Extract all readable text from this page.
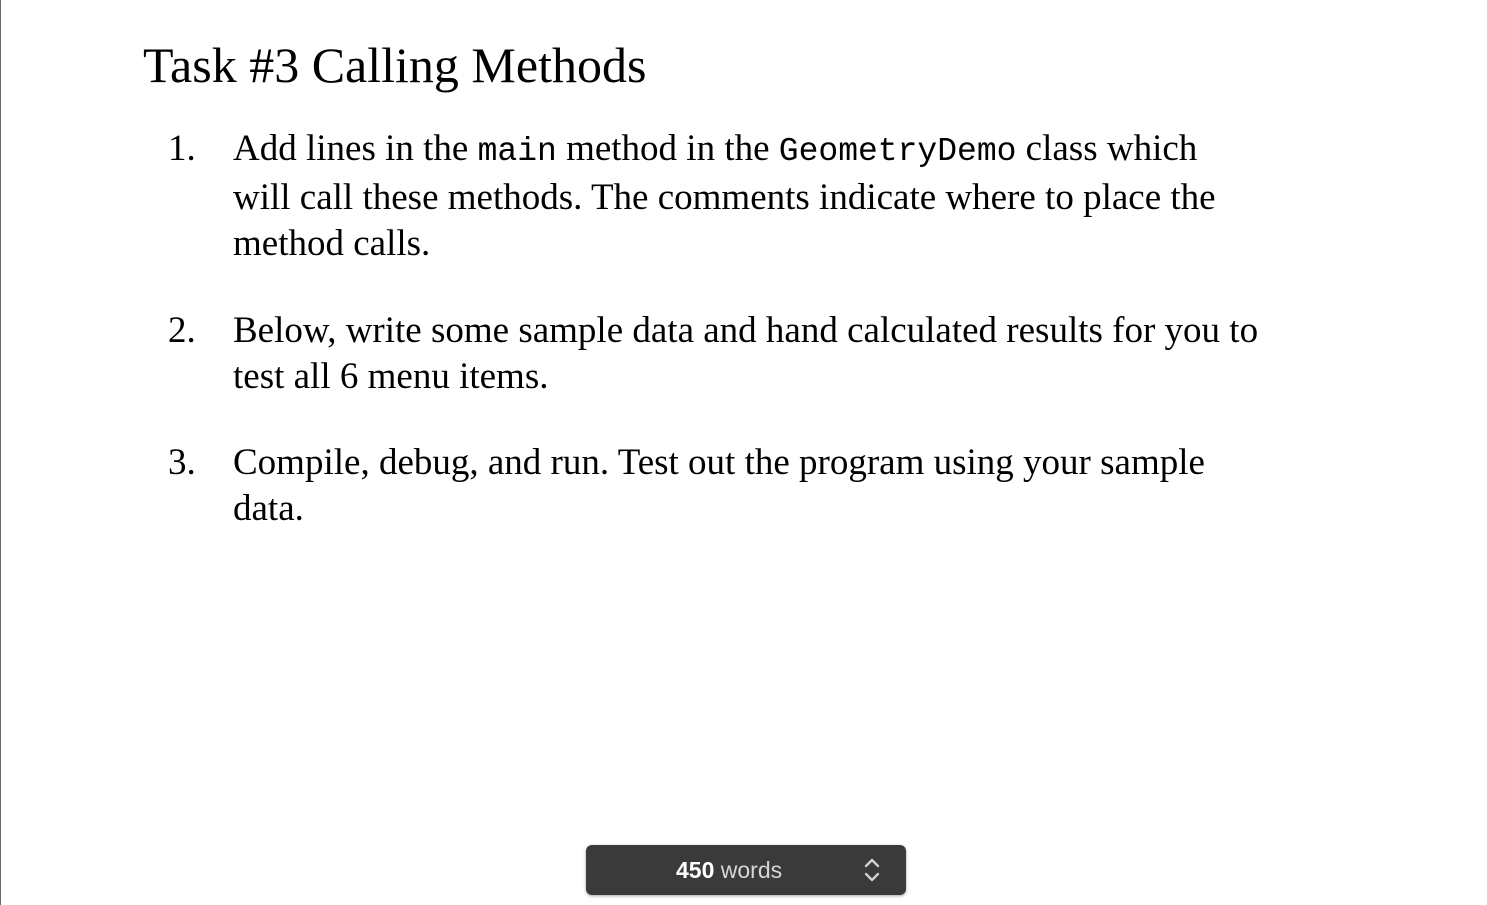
Task #3 Calling Methods
1. Add lines in the main method in the GeometryDemo class which
will call these methods. The comments indicate where to place the
method calls.
2. Below, write some sample data and hand calculated results for you to
test all 6 menu items.
3. Compile, debug, and run. Test out the program using your sample
data.
450 words
